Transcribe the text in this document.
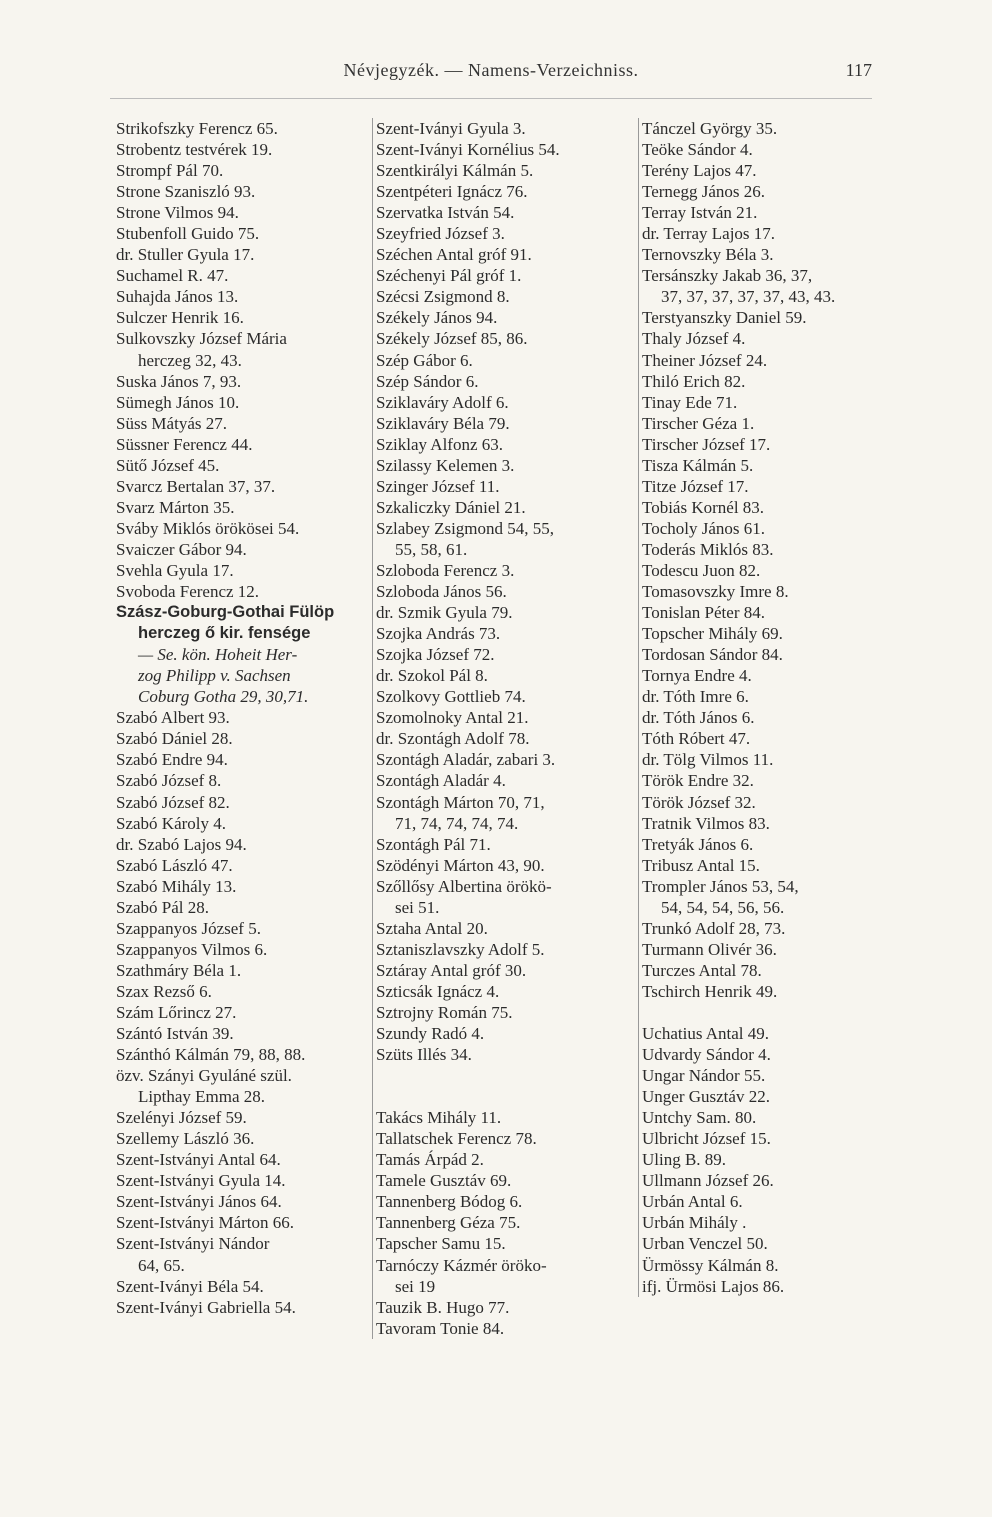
Névjegyzék. — Namens-Verzeichniss.	117
Strikofszky Ferencz 65.
Strobentz testvérek 19.
Strompf Pál 70.
Strone Szaniszló 93.
Strone Vilmos 94.
Stubenfoll Guido 75.
dr. Stuller Gyula 17.
Suchamel R. 47.
Suhajda János 13.
Sulczer Henrik 16.
Sulkovszky József Mária
herczeg 32, 43.
Suska János 7, 93.
Sümegh János 10.
Süss Mátyás 27.
Süssner Ferencz 44.
Sütő József 45.
Svarcz Bertalan 37, 37.
Svarz Márton 35.
Sváby Miklós örökösei 54.
Svaiczer Gábor 94.
Svehla Gyula 17.
Svoboda Ferencz 12.
Szász-Goburg-Gothai Fülöp
herczeg ő kir. fensége
— Se. kön. Hoheit Her-
zog Philipp v. Sachsen
Coburg Gotha 29, 30,71.
Szabó Albert 93.
Szabó Dániel 28.
Szabó Endre 94.
Szabó József 8.
Szabó József 82.
Szabó Károly 4.
dr. Szabó Lajos 94.
Szabó László 47.
Szabó Mihály 13.
Szabó Pál 28.
Szappanyos József 5.
Szappanyos Vilmos 6.
Szathmáry Béla 1.
Szax Rezső 6.
Szám Lőrincz 27.
Szántó István 39.
Szánthó Kálmán 79, 88, 88.
özv. Szányi Gyuláné szül.
Lipthay Emma 28.
Szelényi József 59.
Szellemy László 36.
Szent-Istványi Antal 64.
Szent-Istványi Gyula 14.
Szent-Istványi János 64.
Szent-Istványi Márton 66.
Szent-Istványi Nándor
64, 65.
Szent-Iványi Béla 54.
Szent-Iványi Gabriella 54.
Szent-Iványi Gyula 3.
Szent-Iványi Kornélius 54.
Szentkirályi Kálmán 5.
Szentpéteri Ignácz 76.
Szervatka István 54.
Szeyfried József 3.
Széchen Antal gróf 91.
Széchenyi Pál gróf 1.
Szécsi Zsigmond 8.
Székely János 94.
Székely József 85, 86.
Szép Gábor 6.
Szép Sándor 6.
Sziklaváry Adolf 6.
Sziklaváry Béla 79.
Sziklay Alfonz 63.
Szilassy Kelemen 3.
Szinger József 11.
Szkaliczky Dániel 21.
Szlabey Zsigmond 54, 55,
55, 58, 61.
Szloboda Ferencz 3.
Szloboda János 56.
dr. Szmik Gyula 79.
Szojka András 73.
Szojka József 72.
dr. Szokol Pál 8.
Szolkovy Gottlieb 74.
Szomolnoky Antal 21.
dr. Szontágh Adolf 78.
Szontágh Aladár, zabari 3.
Szontágh Aladár 4.
Szontágh Márton 70, 71,
71, 74, 74, 74, 74.
Szontágh Pál 71.
Szödényi Márton 43, 90.
Szőllősy Albertina örökö-
sei 51.
Sztaha Antal 20.
Sztaniszlavszky Adolf 5.
Sztáray Antal gróf 30.
Szticsák Ignácz 4.
Sztrojny Román 75.
Szundy Radó 4.
Szüts Illés 34.
Takács Mihály 11.
Tallatschek Ferencz 78.
Tamás Árpád 2.
Tamele Gusztáv 69.
Tannenberg Bódog 6.
Tannenberg Géza 75.
Tapscher Samu 15.
Tarnóczy Kázmér öröko-
sei 19
Tauzik B. Hugo 77.
Tavoram Tonie 84.
Tánczel György 35.
Teöke Sándor 4.
Terény Lajos 47.
Ternegg János 26.
Terray István 21.
dr. Terray Lajos 17.
Ternovszky Béla 3.
Tersánszky Jakab 36, 37,
37, 37, 37, 37, 37, 43, 43.
Terstyanszky Daniel 59.
Thaly József 4.
Theiner József 24.
Thiló Erich 82.
Tinay Ede 71.
Tirscher Géza 1.
Tirscher József 17.
Tisza Kálmán 5.
Titze József 17.
Tobiás Kornél 83.
Tocholy János 61.
Toderás Miklós 83.
Todescu Juon 82.
Tomasovszky Imre 8.
Tonislan Péter 84.
Topscher Mihály 69.
Tordosan Sándor 84.
Tornya Endre 4.
dr. Tóth Imre 6.
dr. Tóth János 6.
Tóth Róbert 47.
dr. Tölg Vilmos 11.
Török Endre 32.
Török József 32.
Tratnik Vilmos 83.
Tretyák János 6.
Tribusz Antal 15.
Trompler János 53, 54,
54, 54, 54, 56, 56.
Trunkó Adolf 28, 73.
Turmann Olivér 36.
Turczes Antal 78.
Tschirch Henrik 49.
Uchatius Antal 49.
Udvardy Sándor 4.
Ungar Nándor 55.
Unger Gusztáv 22.
Untchy Sam. 80.
Ulbricht József 15.
Uling B. 89.
Ullmann József 26.
Urbán Antal 6.
Urbán Mihály .
Urban Venczel 50.
Ürmössy Kálmán 8.
ifj. Ürmösi Lajos 86.
